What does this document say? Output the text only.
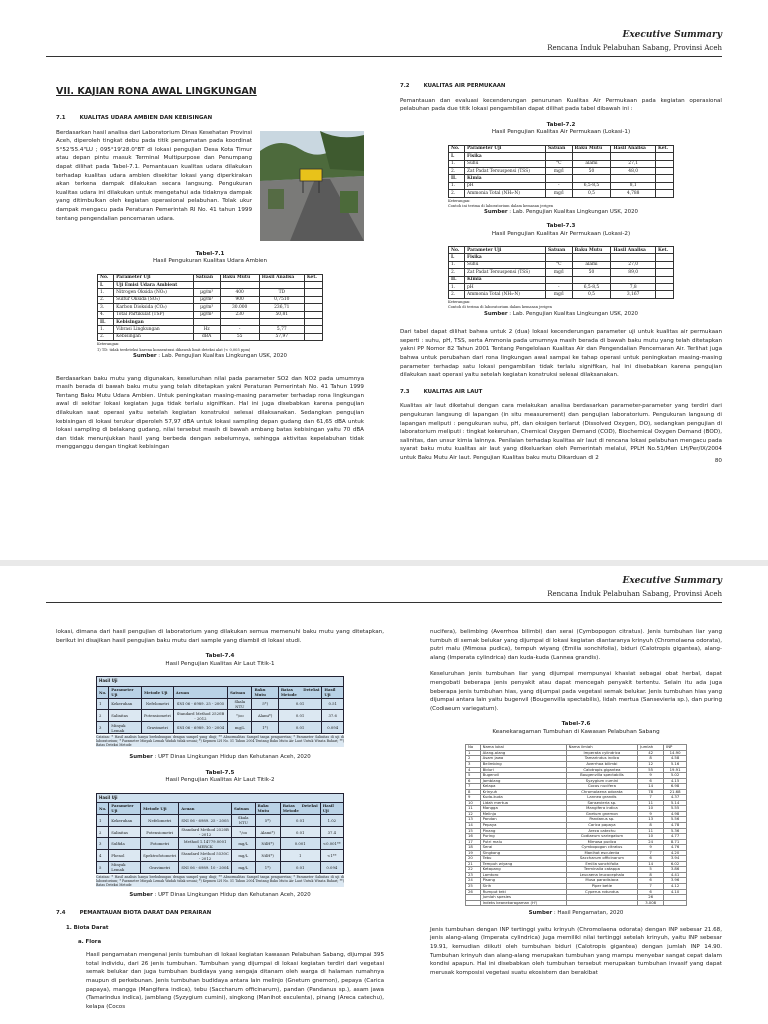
Executive Summary
Rencana Induk Pelabuhan Sabang, Provinsi Aceh
VII. KAJIAN RONA AWAL LINGKUNGAN
7.1	KUALITAS UDARA AMBIEN DAN KEBISINGAN
Berdasarkan hasil analisa dari Laboratorium Dinas Kesehatan Provinsi Aceh, diperoleh tingkat debu pada titik pengamatan pada koordinat 5°52'55.4"LU ; 095°19'28.0"BT di lokasi pengujian Desa Kota Timur atau depan pintu masuk Terminal Multipurpose dan Penumpang dapat dilihat pada Tabel-7.1. Pemantauan kualitas udara dilakukan terhadap kualitas udara ambien disekitar lokasi yang diperkirakan akan terkena dampak dilakukan secara langsung. Pengukuran kualitas udara ini dilakukan untuk mengetahui ada tidaknya dampak yang ditimbulkan oleh kegiatan operasional pelabuhan. Tolak ukur dampak mengacu pada Peraturan Pemerintah RI No. 41 tahun 1999 tentang pengendalian pencemaran udara.

Tabel-7.1
Hasil Pengukuran Kualitas Udara Ambien

No.	Parameter Uji	Satuan	Baku Mutu	Hasil Analisa	Ket.
I.	Uji Emisi Udara Ambient				
1.	Nitrogen Oksida (NO₂)	µg/m³	400	TD	
2.	Sulfur Oksida (SO₂)	µg/m³	900	0,7510	
3.	Karbon Dioksida (CO₂)	µg/m³	30.000	236,71	
4.	Total Partikulat (TSP)	µg/m³	230	50,81	
II.	Kebisingan				
1.	Vibrasi Lingkungan	Hz	-	5,77	
2.	Kebisingan	dBA	55	57,97	
Keterangan:
1) TD: tidak terdeteksi karena konsentrasi dibawah limit deteksi alat (< 0,005 ppm)

Sumber : Lab. Pengujian Kualitas Lingkungan USK, 2020

Berdasarkan baku mutu yang digunakan, keseluruhan nilai pada parameter SO2 dan NO2 pada umumnya masih berada di bawah baku mutu yang telah ditetapkan yakni Peraturan Pemerintah No. 41 Tahun 1999 Tentang Baku Mutu Udara Ambien. Untuk peningkatan masing-masing parameter terhadap rona lingkungan awal di sekitar lokasi kegiatan juga tidak terlalu signifikan. Hal ini juga disebabkan karena pengujian dilakukan saat operasi yaitu setelah kegiatan konstruksi selesai dilaksanakan. Sedangkan pengujian kebisingan di lokasi terukur diperoleh 57,97 dBA untuk lokasi sampling depan gudang dan 61,65 dBA untuk lokasi sampling di belakang gudang, nilai tersebut masih di bawah ambang batas kebisingan yaitu 70 dBA dan tidak menunjukkan hasil yang berbeda dengan sebelumnya, sehingga aktivitas kepelabuhan tidak mengganggu dengan tingkat kebisingan

7.2	KUALITAS AIR PERMUKAAN

Pemantauan dan evaluasi kecenderungan penurunan Kualitas Air Permukaan pada kegiatan operasional pelabuhan pada due titik lokasi pengambilan dapat dilihat pada tabel dibawah ini :

Tabel-7.2
Hasil Pengujian Kualitas Air Permukaan (Lokasi-1)

No.	Parameter Uji	Satuan	Baku Mutu	Hasil Analisa	Ket.
I.	Fisika				
1.	Suhu	°C	alami	27,1	
2.	Zat Padat Tersuspensi (TSS)	mg/l	50	48,0	
II.	Kimia				
1.	pH	-	6,5-8,5	8,1	
2.	Ammonia Total (NH₃-N)	mg/l	0,5	4,788	
Keterangan:
Contoh ini terima di laboratorium dalam kemasan jerigen

Sumber : Lab. Pengujian Kualitas Lingkungan USK, 2020

Tabel-7.3
Hasil Pengujian Kualitas Air Permukaan (Lokasi-2)

No.	Parameter Uji	Satuan	Baku Mutu	Hasil Analisa	Ket.
I.	Fisika				
1.	Suhu	°C	alami	27,0	
2.	Zat Padat Tersuspensi (TSS)	mg/l	50	89,0	
II.	Kimia				
1.	pH	-	6,5-8,5	7,8	
2.	Ammonia Total (NH₃-N)	mg/l	0,5	3,167	
Keterangan:
Contoh di terima di laboratorium dalam kemasan jerigen

Sumber : Lab. Pengujian Kualitas Lingkungan USK, 2020

Dari tabel dapat dilihat bahwa untuk 2 (dua) lokasi kecenderungan parameter uji untuk kualitas air permukaan seperti : suhu, pH, TSS, serta Ammonia pada umumnya masih berada di bawah baku mutu yang telah ditetapkan yakni PP Nomor 82 Tahun 2001 Tentang Pengelolaan Kualitas Air dan Pengendalian Pencemaran Air. Terlihat juga bahwa untuk perubahan dari rona lingkungan awal sampai ke tahap operasi untuk peningkatan masing-masing parameter terhadap satu lokasi pengambilan tidak terlalu signifikan, hal ini disebabkan karena pengujian dilakukan saat operasi yaitu setelah kegiatan konstruksi selesai dilaksanakan.

7.3	KUALITAS AIR LAUT

Kualitas air laut diketahui dengan cara melakukan analisa berdasarkan parameter-parameter yang terdiri dari pengukuran langsung di lapangan (in situ measurement) dan pengujian laboratorium. Pengukuran langsung di lapangan meliputi : pengukuran suhu, pH, dan oksigen terlarut (Dissolved Oxygen, DO), sedangkan pengujian di laboratorium meliputi : tingkat kekeruhan, Chemical Oxygen Demand (COD), Biochemical Oxygen Demand (BOD), salinitas, dan unsur kimia lainnya. Penilaian terhadap kualitas air laut di rencana lokasi pelabuhan mengacu pada syarat baku mutu kualitas air laut yang dikeluarkan oleh Pemerintah melalui, PPLH No.51/Men LH/Per/IX/2004 untuk Baku Mutu Air laut. Pengujian Kualitas baku mutu Dikarduan di 2	80
Executive Summary
Rencana Induk Pelabuhan Sabang, Provinsi Aceh

lokasi, dimana dari hasil pengujian di laboratorium yang dilakukan semua memenuhi baku mutu yang ditetapkan, berikut ini disajikan hasil pengujian baku mutu dari sample yang diambil di lokasi studi.

Tabel-7.4
Hasil Pengujian Kualitas Air Laut Titik-1

Hasil Uji
No.	Parameter Uji	Metode Uji	Acuan	Satuan	Baku Mutu	Batas Deteksi Metode	Hasil Uji
1	Kekeruhan	Nefelometri	SNI 06 - 6989. 25 - 2005	Skala NTU	5*)	0.01	0.51
2	Salinitas	Potensiometri	Standard Method 2520B - 2012	°/oo	Alami*)	0.01	37.6
3	Minyak Lemak	Gravimetri	SNI 06 - 6989. 10 - 2004	mg/L	1*)	0.01	0.094
Catatan: * Hasil analisis hanya berhubungan dengan sampel yang diuji; ** Abnormalitas Sampel tanpa pengawetan; * Parameter Salinitas di uji di laboratorium; * Parameter Minyak Lemak Wadah tidak sesuai; *) Kepmen LH No. 51 Tahun 2004 Tentang Baku Mutu Air Laut Untuk Wisata Bahari; **) Batas Deteksi Metode

Sumber : UPT Dinas Lingkungan Hidup dan Kehutanan Aceh, 2020

Tabel-7.5
Hasil Pengujian Kualitas Air Laut Titik-2

Hasil Uji
No.	Parameter Uji	Metode Uji	Acuan	Satuan	Baku Mutu	Batas Deteksi Metode	Hasil Uji
1	Kekeruhan	Nefelometri	SNI 06 - 6989. 25 - 2005	Skala NTU	5*)	0.01	1.02
2	Salinitas	Potensiometri	Standard Method 2520B - 2012	°/oo	Alami*)	0.01	37.4
3	Sulfida	Fotometri	Method 1.14779.0001 MERCK	mg/L	NilH*)	0.001	<0.001**
4	Phenol	Spektrofotometri	Standard Method 5530C - 2012	mg/L	NilH*)	1	<1**
5	Minyak Lemak	Gravimetri	SNI 06 - 6989. 10 - 2004	mg/L	1*)	0.01	0.094
Catatan: * Hasil analisis hanya berhubungan dengan sampel yang diuji; ** Abnormalitas Sampel tanpa pengawetan; * Parameter Salinitas di uji di laboratorium; * Parameter Minyak Lemak Wadah tidak sesuai; *) Kepmen LH No. 51 Tahun 2004 Tentang Baku Mutu Air Laut Untuk Wisata Bahari; **) Batas Deteksi Metode

Sumber : UPT Dinas Lingkungan Hidup dan Kehutanan Aceh, 2020

7.4	PEMANTAUAN BIOTA DARAT DAN PERAIRAN
1. Biota Darat
a. Flora

Hasil pengamatan mengenai jenis tumbuhan di lokasi kegiatan kawasan Pelabuhan Sabang, dijumpai 395 total individu, dari 26 jenis tumbuhan. Tumbuhan yang dijumpai di lokasi kegiatan terdiri dari vegetasi semak belukar dan juga tumbuhan budidaya yang sengaja ditanam oleh warga di halaman rumahnya maupun di perkebunan. Jenis tumbuhan budidaya antara lain melinjo (Gnetum gnemon), pepaya (Carica papaya), mangga (Mangifera indica), tebu (Saccharum officinarum), pandan (Pandanus sp.), asam jawa (Tamarindus indica), jamblang (Syzygium cumini), singkong (Manihot esculenta), pinang (Areca catechu), kelapa (Cocos

nucifera), belimbing (Averrhoa bilimbi) dan serai (Cymbopogon citratus). Jenis tumbuhan liar yang tumbuh di semak belukar yang dijumpai di lokasi kegiatan diantaranya krinyuh (Chromolaena odorata), putri malu (Mimosa pudica), tempuh wiyang (Emilia sonchifolia), biduri (Calotropis gigantea), alang-alang (Imperata cylindrica) dan kuda-kuda (Lannea grandis).

Keseluruhan jenis tumbuhan liar yang dijumpai mempunyai khasiat sebagai obat herbal, dapat mengobati beberapa jenis penyakit atau dapat mencegah penyakit tertentu. Selain itu ada juga beberapa jenis tumbuhan hias, yang dijumpai pada vegetasi semak belukar. Jenis tumbuhan hias yang dijumpai antara lain yaitu bugenvil (Bougenvilla spectabilis), lidah mertua (Sansevieria sp.), dan puring (Codiaeum variegatum).

Tabel-7.6
Keanekaragaman Tumbuhan di Kawasan Pelabuhan Sabang

No	Nama lokal	Nama ilmiah	Jumlah	INP
1	Alang-alang	Imperata cylindrica	42	14.90
2	Asam jawa	Tamarindus indica	8	4.58
3	Belimbing	Averrhoa bilimbi	12	5.16
4	Biduri	Calotropis gigantea	55	19.91
5	Bugenvil	Bougenvilla spectabilis	9	5.02
6	Jamblang	Syzygium cumini	6	4.15
7	Kelapa	Cocos nucifera	14	6.98
8	Krinyuh	Chromolaena odorata	78	21.68
9	Kuda-kuda	Lannea grandis	7	4.37
10	Lidah mertua	Sansevieria sp.	11	5.14
11	Mangga	Mangifera indica	10	5.55
12	Melinjo	Gnetum gnemon	9	4.98
13	Pandan	Pandanus sp.	13	5.56
14	Pepaya	Carica papaya	8	4.78
15	Pinang	Areca catechu	11	5.36
16	Puring	Codiaeum variegatum	10	4.77
17	Putri malu	Mimosa pudica	24	8.71
18	Serai	Cymbopogon citratus	9	4.76
19	Singkong	Manihot esculenta	7	4.20
20	Tebu	Saccharum officinarum	6	3.94
21	Tempuh wiyang	Emilia sonchifolia	14	6.02
22	Ketapang	Terminalia catappa	5	3.86
23	Lamtoro	Leucaena leucocephala	8	4.41
24	Pisang	Musa paradisiaca	6	3.96
25	Sirih	Piper betle	7	4.12
26	Rumput teki	Cyperus rotundus	6	4.10
	Jumlah spesies		26	
	Indeks keanekaragaman (H')		3.008	

Sumber : Hasil Pengamatan, 2020

Jenis tumbuhan dengan INP tertinggi yaitu krinyuh (Chromolaena odorata) dengan INP sebesar 21.68, jenis alang-alang (Imperata cylindrica) juga memiliki nilai tertinggi setelah krinyuh, yaitu INP sebesar 19.91, kemudian diikuti oleh tumbuhan biduri (Calotropis gigantea) dengan jumlah INP 14.90. Tumbuhan krinyuh dan alang-alang merupakan tumbuhan yang mampu menyebar sangat cepat dalam kondisi apapun. Hal ini disebabkan oleh tumbuhan tersebut merupakan tumbuhan invasif yang dapat merusak komposisi vegetasi suatu ekosistem dan berakibat
